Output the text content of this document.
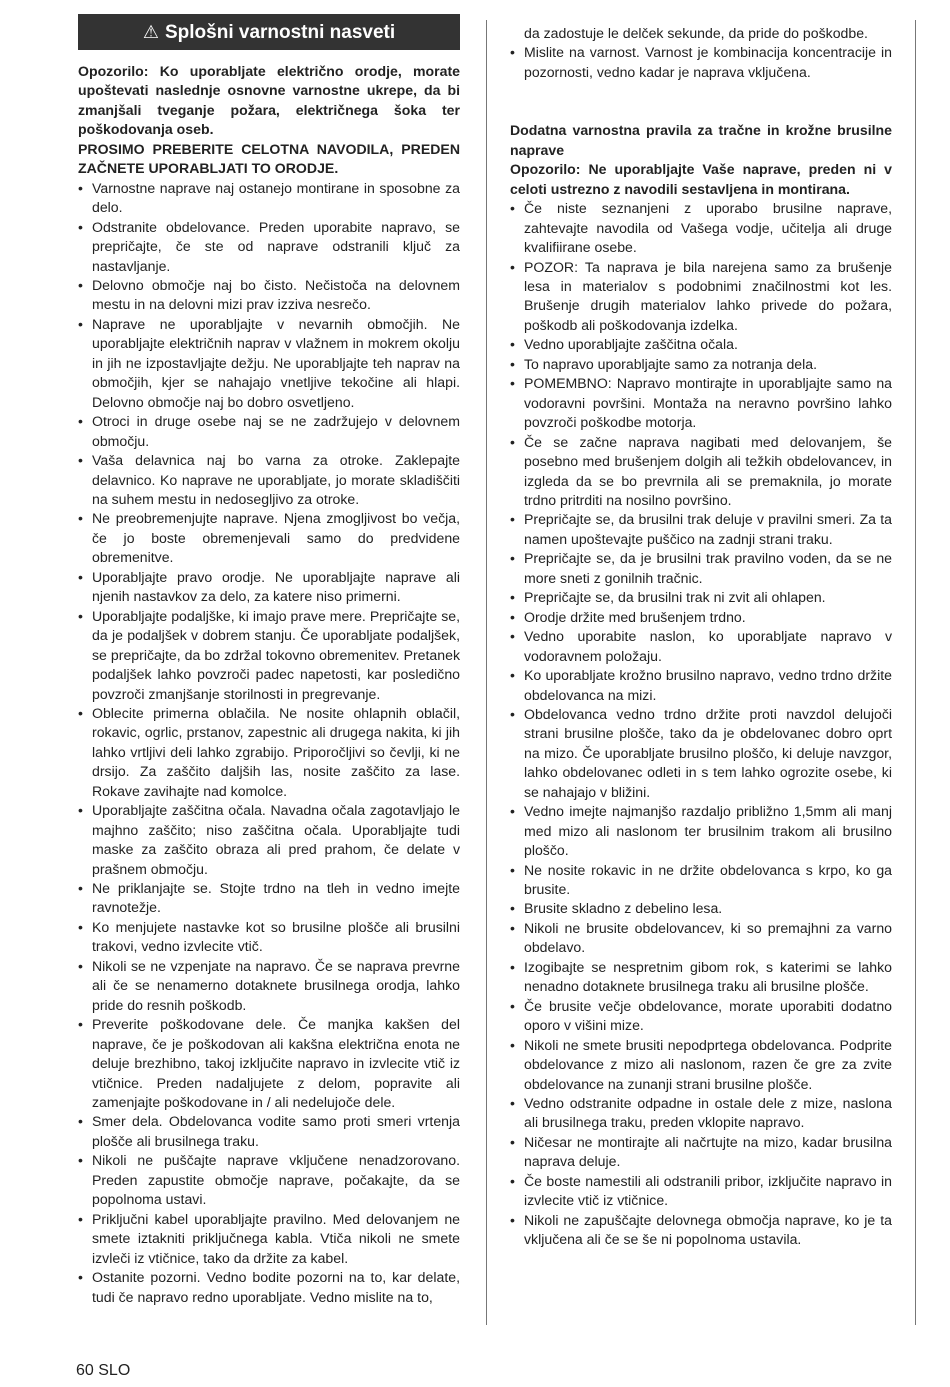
⚠ Splošni varnostni nasveti

Opozorilo: Ko uporabljate električno orodje, morate upoštevati naslednje osnovne varnostne ukrepe, da bi zmanjšali tveganje požara, električnega šoka ter poškodovanja oseb.

PROSIMO PREBERITE CELOTNA NAVODILA, PREDEN ZAČNETE UPORABLJATI TO ORODJE.

• Varnostne naprave naj ostanejo montirane in sposobne za delo.
• Odstranite obdelovance. Preden uporabite napravo, se prepričajte, če ste od naprave odstranili ključ za nastavljanje.
• Delovno območje naj bo čisto. Nečistoča na delovnem mestu in na delovni mizi prav izziva nesrečo.
• Naprave ne uporabljajte v nevarnih območjih. Ne uporabljajte električnih naprav v vlažnem in mokrem okolju in jih ne izpostavljajte dežju. Ne uporabljajte teh naprav na območjih, kjer se nahajajo vnetljive tekočine ali hlapi. Delovno območje naj bo dobro osvetljeno.
• Otroci in druge osebe naj se ne zadržujejo v delovnem območju.
• Vaša delavnica naj bo varna za otroke. Zaklepajte delavnico. Ko naprave ne uporabljate, jo morate skladiščiti na suhem mestu in nedosegljivo za otroke.
• Ne preobremenjujte naprave. Njena zmogljivost bo večja, če jo boste obremenjevali samo do predvidene obremenitve.
• Uporabljajte pravo orodje. Ne uporabljajte naprave ali njenih nastavkov za delo, za katere niso primerni.
• Uporabljajte podaljške, ki imajo prave mere. Prepričajte se, da je podaljšek v dobrem stanju. Če uporabljate podaljšek, se prepričajte, da bo zdržal tokovno obremenitev. Pretanek podaljšek lahko povzroči padec napetosti, kar posledično povzroči zmanjšanje storilnosti in pregrevanje.
• Oblecite primerna oblačila. Ne nosite ohlapnih oblačil, rokavic, ogrlic, prstanov, zapestnic ali drugega nakita, ki jih lahko vrtljivi deli lahko zgrabijo. Priporočljivi so čevlji, ki ne drsijo. Za zaščito daljših las, nosite zaščito za lase. Rokave zavihajte nad komolce.
• Uporabljajte zaščitna očala. Navadna očala zagotavljajo le majhno zaščito; niso zaščitna očala. Uporabljajte tudi maske za zaščito obraza ali pred prahom, če delate v prašnem območju.
• Ne priklanjajte se. Stojte trdno na tleh in vedno imejte ravnotežje.
• Ko menjujete nastavke kot so brusilne plošče ali brusilni trakovi, vedno izvlecite vtič.
• Nikoli se ne vzpenjate na napravo. Če se naprava prevrne ali če se nenamerno dotaknete brusilnega orodja, lahko pride do resnih poškodb.
• Preverite poškodovane dele. Če manjka kakšen del naprave, če je poškodovan ali kakšna električna enota ne deluje brezhibno, takoj izključite napravo in izvlecite vtič iz vtičnice. Preden nadaljujete z delom, popravite ali zamenjajte poškodovane in / ali nedelujoče dele.
• Smer dela. Obdelovanca vodite samo proti smeri vrtenja plošče ali brusilnega traku.
• Nikoli ne puščajte naprave vključene nenadzorovano. Preden zapustite območje naprave, počakajte, da se popolnoma ustavi.
• Priključni kabel uporabljajte pravilno. Med delovanjem ne smete iztakniti priključnega kabla. Vtiča nikoli ne smete izvleči iz vtičnice, tako da držite za kabel.
• Ostanite pozorni. Vedno bodite pozorni na to, kar delate, tudi če napravo redno uporabljate. Vedno mislite na to,

da zadostuje le delček sekunde, da pride do poškodbe.

• Mislite na varnost. Varnost je kombinacija koncentracije in pozornosti, vedno kadar je naprava vključena.

Dodatna varnostna pravila za tračne in krožne brusilne naprave

Opozorilo: Ne uporabljajte Vaše naprave, preden ni v celoti ustrezno z navodili sestavljena in montirana.

• Če niste seznanjeni z uporabo brusilne naprave, zahtevajte navodila od Vašega vodje, učitelja ali druge kvalifiirane osebe.
• POZOR: Ta naprava je bila narejena samo za brušenje lesa in materialov s podobnimi značilnostmi kot les. Brušenje drugih materialov lahko privede do požara, poškodb ali poškodovanja izdelka.
• Vedno uporabljajte zaščitna očala.
• To napravo uporabljajte samo za notranja dela.
• POMEMBNO: Napravo montirajte in uporabljajte samo na vodoravni površini. Montaža na neravno površino lahko povzroči poškodbe motorja.
• Če se začne naprava nagibati med delovanjem, še posebno med brušenjem dolgih ali težkih obdelovancev, in izgleda da se bo prevrnila ali se premaknila, jo morate trdno pritrditi na nosilno površino.
• Prepričajte se, da brusilni trak deluje v pravilni smeri. Za ta namen upoštevajte puščico na zadnji strani traku.
• Prepričajte se, da je brusilni trak pravilno voden, da se ne more sneti z gonilnih tračnic.
• Prepričajte se, da brusilni trak ni zvit ali ohlapen.
• Orodje držite med brušenjem trdno.
• Vedno uporabite naslon, ko uporabljate napravo v vodoravnem položaju.
• Ko uporabljate krožno brusilno napravo, vedno trdno držite obdelovanca na mizi.
• Obdelovanca vedno trdno držite proti navzdol delujoči strani brusilne plošče, tako da je obdelovanec dobro oprt na mizo. Če uporabljate brusilno ploščo, ki deluje navzgor, lahko obdelovanec odleti in s tem lahko ogrozite osebe, ki se nahajajo v bližini.
• Vedno imejte najmanjšo razdaljo približno 1,5mm ali manj med mizo ali naslonom ter brusilnim trakom ali brusilno ploščo.
• Ne nosite rokavic in ne držite obdelovanca s krpo, ko ga brusite.
• Brusite skladno z debelino lesa.
• Nikoli ne brusite obdelovancev, ki so premajhni za varno obdelavo.
• Izogibajte se nespretnim gibom rok, s katerimi se lahko nenadno dotaknete brusilnega traku ali brusilne plošče.
• Če brusite večje obdelovance, morate uporabiti dodatno oporo v višini mize.
• Nikoli ne smete brusiti nepodprtega obdelovanca. Podprite obdelovance z mizo ali naslonom, razen če gre za zvite obdelovance na zunanji strani brusilne plošče.
• Vedno odstranite odpadne in ostale dele z mize, naslona ali brusilnega traku, preden vklopite napravo.
• Ničesar ne montirajte ali načrtujte na mizo, kadar brusilna naprava deluje.
• Če boste namestili ali odstranili pribor, izključite napravo in izvlecite vtič iz vtičnice.
• Nikoli ne zapuščajte delovnega območja naprave, ko je ta vključena ali če se še ni popolnoma ustavila.
60 SLO
